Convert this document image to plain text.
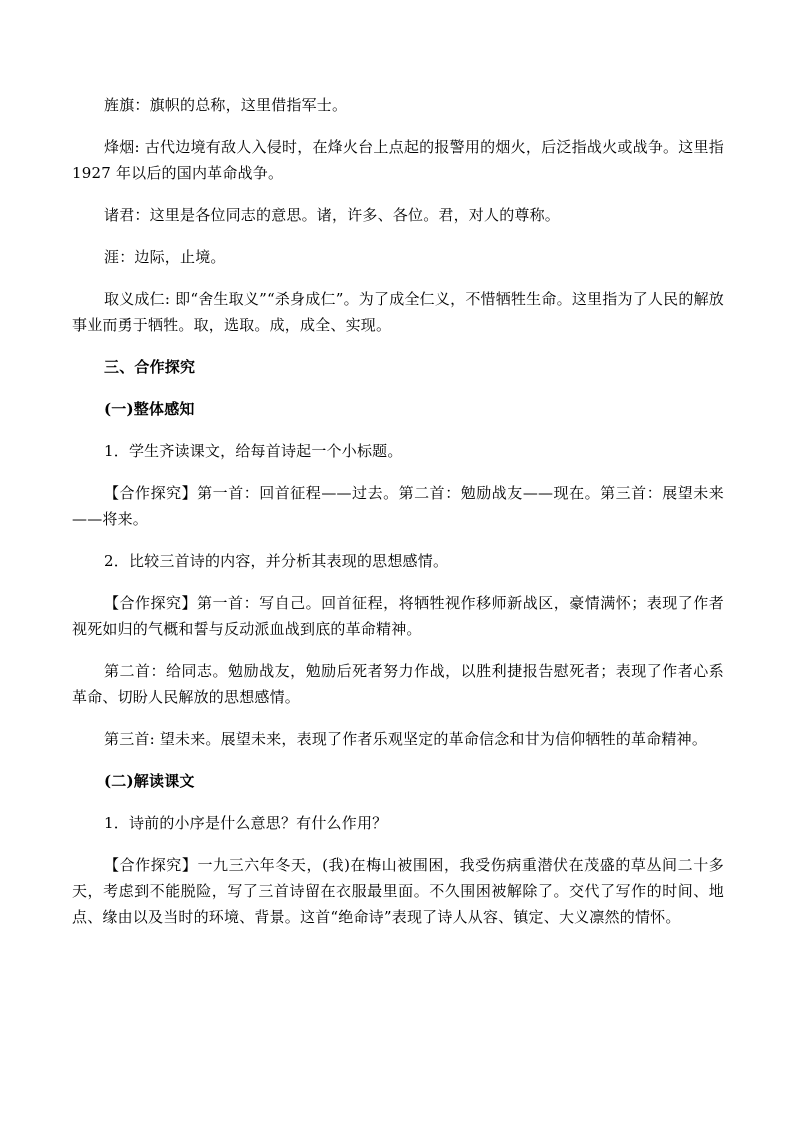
旌旗：旗帜的总称，这里借指军士。

烽烟: 古代边境有敌人入侵时，在烽火台上点起的报警用的烟火，后泛指战火或战争。这里指 1927 年以后的国内革命战争。

诸君：这里是各位同志的意思。诸，许多、各位。君，对人的尊称。

涯：边际，止境。

取义成仁: 即“舍生取义”“杀身成仁”。为了成全仁义，不惜牺牲生命。这里指为了人民的解放事业而勇于牺牲。取，选取。成，成全、实现。

三、合作探究

(一)整体感知

1．学生齐读课文，给每首诗起一个小标题。

【合作探究】第一首：回首征程——过去。第二首：勉励战友——现在。第三首：展望未来——将来。

2．比较三首诗的内容，并分析其表现的思想感情。

【合作探究】第一首：写自己。回首征程，将牺牲视作移师新战区，豪情满怀；表现了作者视死如归的气概和誓与反动派血战到底的革命精神。

第二首：给同志。勉励战友，勉励后死者努力作战，以胜利捷报告慰死者；表现了作者心系革命、切盼人民解放的思想感情。

第三首: 望未来。展望未来，表现了作者乐观坚定的革命信念和甘为信仰牺牲的革命精神。

(二)解读课文

1．诗前的小序是什么意思？有什么作用？

【合作探究】一九三六年冬天，(我)在梅山被围困，我受伤病重潜伏在茂盛的草丛间二十多天，考虑到不能脱险，写了三首诗留在衣服最里面。不久围困被解除了。交代了写作的时间、地点、缘由以及当时的环境、背景。这首“绝命诗”表现了诗人从容、镇定、大义凛然的情怀。
